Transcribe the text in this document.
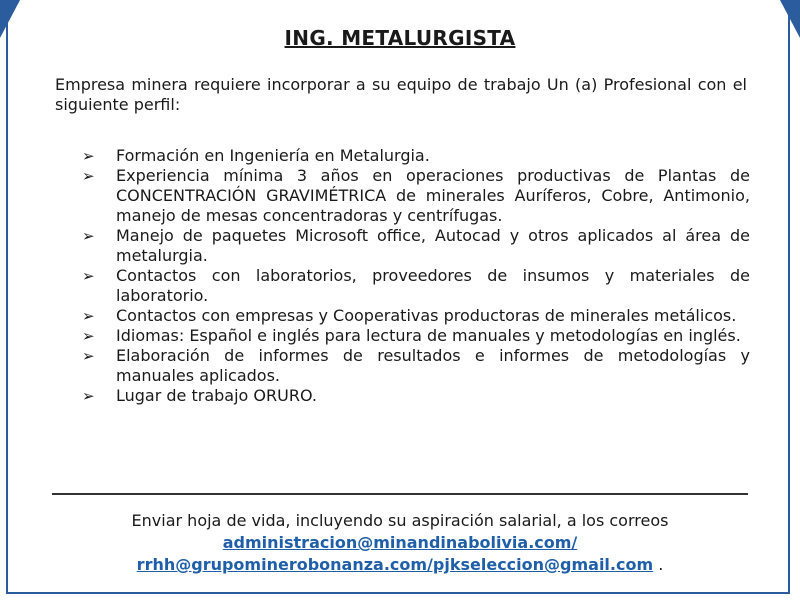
ING. METALURGISTA

Empresa minera requiere incorporar a su equipo de trabajo Un (a) Profesional con el siguiente perfil:

➢ Formación en Ingeniería en Metalurgia.
➢ Experiencia mínima 3 años en operaciones productivas de Plantas de CONCENTRACIÓN GRAVIMÉTRICA de minerales Auríferos, Cobre, Antimonio, manejo de mesas concentradoras y centrífugas.
➢ Manejo de paquetes Microsoft office, Autocad y otros aplicados al área de metalurgia.
➢ Contactos con laboratorios, proveedores de insumos y materiales de laboratorio.
➢ Contactos con empresas y Cooperativas productoras de minerales metálicos.
➢ Idiomas: Español e inglés para lectura de manuales y metodologías en inglés.
➢ Elaboración de informes de resultados e informes de metodologías y manuales aplicados.
➢ Lugar de trabajo ORURO.
Enviar hoja de vida, incluyendo su aspiración salarial, a los correos
administracion@minandinabolivia.com/
rrhh@grupominerobonanza.com/pjkseleccion@gmail.com .
